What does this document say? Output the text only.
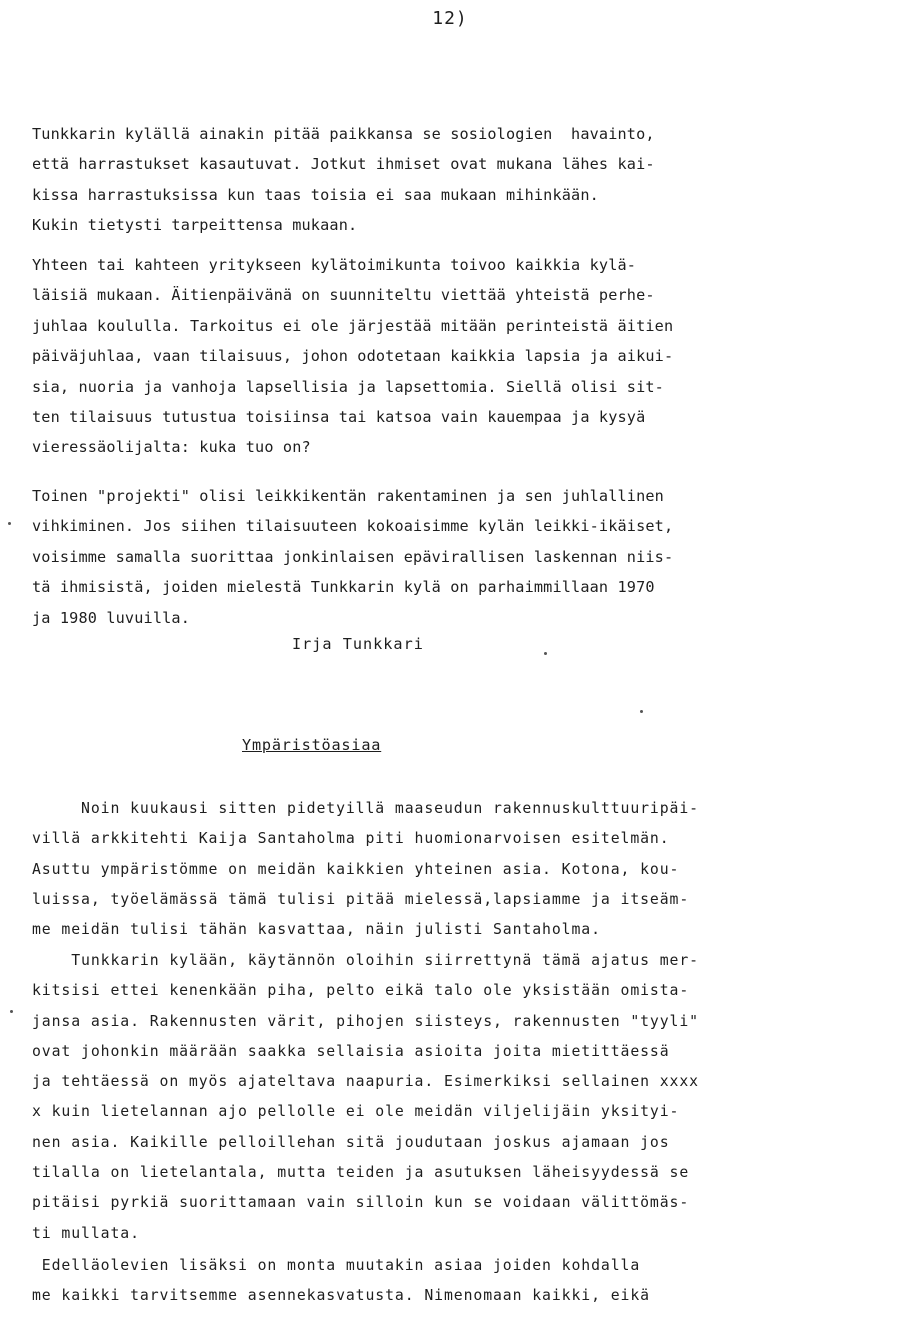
12)
Tunkkarin kylällä ainakin pitää paikkansa se sosiologien  havainto,
että harrastukset kasautuvat. Jotkut ihmiset ovat mukana lähes kai-
kissa harrastuksissa kun taas toisia ei saa mukaan mihinkään.
Kukin tietysti tarpeittensa mukaan.
Yhteen tai kahteen yritykseen kylätoimikunta toivoo kaikkia kylä-
läisiä mukaan. Äitienpäivänä on suunniteltu viettää yhteistä perhe-
juhlaa koululla. Tarkoitus ei ole järjestää mitään perinteistä äitien
päiväjuhlaa, vaan tilaisuus, johon odotetaan kaikkia lapsia ja aikui-
sia, nuoria ja vanhoja lapsellisia ja lapsettomia. Siellä olisi sit-
ten tilaisuus tutustua toisiinsa tai katsoa vain kauempaa ja kysyä
vieressäolijalta: kuka tuo on?
Toinen "projekti" olisi leikkikentän rakentaminen ja sen juhlallinen
vihkiminen. Jos siihen tilaisuuteen kokoaisimme kylän leikki-ikäiset,
voisimme samalla suorittaa jonkinlaisen epävirallisen laskennan niis-
tä ihmisistä, joiden mielestä Tunkkarin kylä on parhaimmillaan 1970
ja 1980 luvuilla.
Irja Tunkkari
Ympäristöasiaa
Noin kuukausi sitten pidetyillä maaseudun rakennuskulttuuripäi-
villä arkkitehti Kaija Santaholma piti huomionarvoisen esitelmän.
Asuttu ympäristömme on meidän kaikkien yhteinen asia. Kotona, kou-
luissa, työelämässä tämä tulisi pitää mielessä,lapsiamme ja itseäm-
me meidän tulisi tähän kasvattaa, näin julisti Santaholma.
Tunkkarin kylään, käytännön oloihin siirrettynä tämä ajatus mer-
kitsisi ettei kenenkään piha, pelto eikä talo ole yksistään omista-
jansa asia. Rakennusten värit, pihojen siisteys, rakennusten "tyyli"
ovat johonkin määrään saakka sellaisia asioita joita mietittäessä
ja tehtäessä on myös ajateltava naapuria. Esimerkiksi sellainen xxxx
x kuin lietelannan ajo pellolle ei ole meidän viljelijäin yksityi-
nen asia. Kaikille pelloillehan sitä joudutaan joskus ajamaan jos
tilalla on lietelantala, mutta teiden ja asutuksen läheisyydessä se
pitäisi pyrkiä suorittamaan vain silloin kun se voidaan välittömäs-
ti mullata.
Edelläolevien lisäksi on monta muutakin asiaa joiden kohdalla
me kaikki tarvitsemme asennekasvatusta. Nimenomaan kaikki, eikä
